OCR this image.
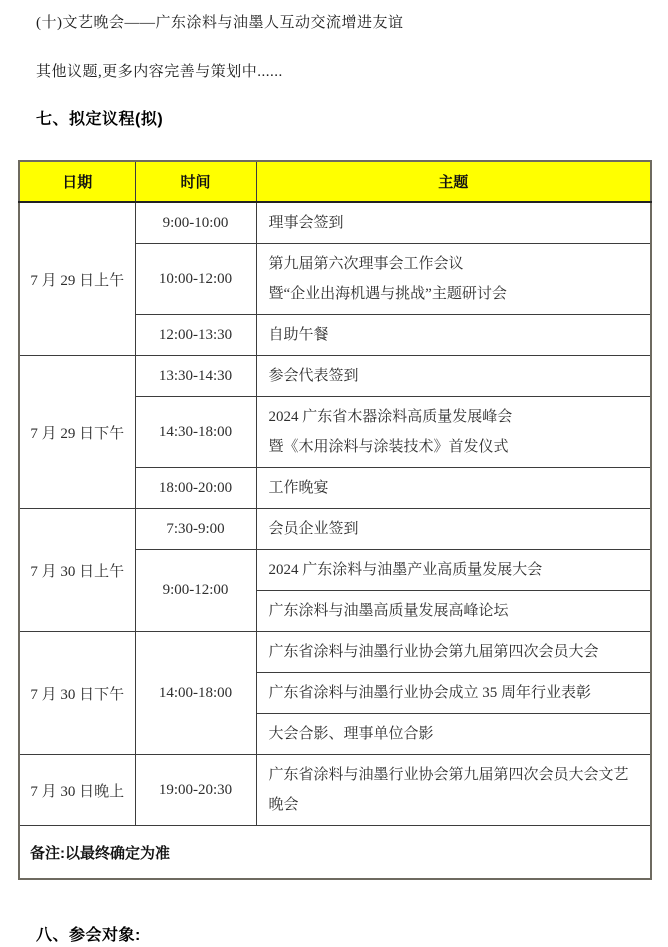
(十)文艺晚会——广东涂料与油墨人互动交流增进友谊

其他议题,更多内容完善与策划中......

七、拟定议程(拟)
日期	时间	主题
7 月 29 日上午	9:00-10:00	理事会签到

	10:00-12:00	第九届第六次理事会工作会议
暨“企业出海机遇与挑战”主题研讨会

	12:00-13:30	自助午餐

7 月 29 日下午	13:30-14:30	参会代表签到

	14:30-18:00	2024 广东省木器涂料高质量发展峰会
暨《木用涂料与涂装技术》首发仪式

	18:00-20:00	工作晚宴

7 月 30 日上午	7:30-9:00	会员企业签到

	9:00-12:00	2024 广东涂料与油墨产业高质量发展大会

		广东涂料与油墨高质量发展高峰论坛

7 月 30 日下午	14:00-18:00	广东省涂料与油墨行业协会第九届第四次会员大会

		广东省涂料与油墨行业协会成立 35 周年行业表彰

		大会合影、理事单位合影

7 月 30 日晚上	19:00-20:30	广东省涂料与油墨行业协会第九届第四次会员大会文艺晚会

备注:以最终确定为准		
八、参会对象:
